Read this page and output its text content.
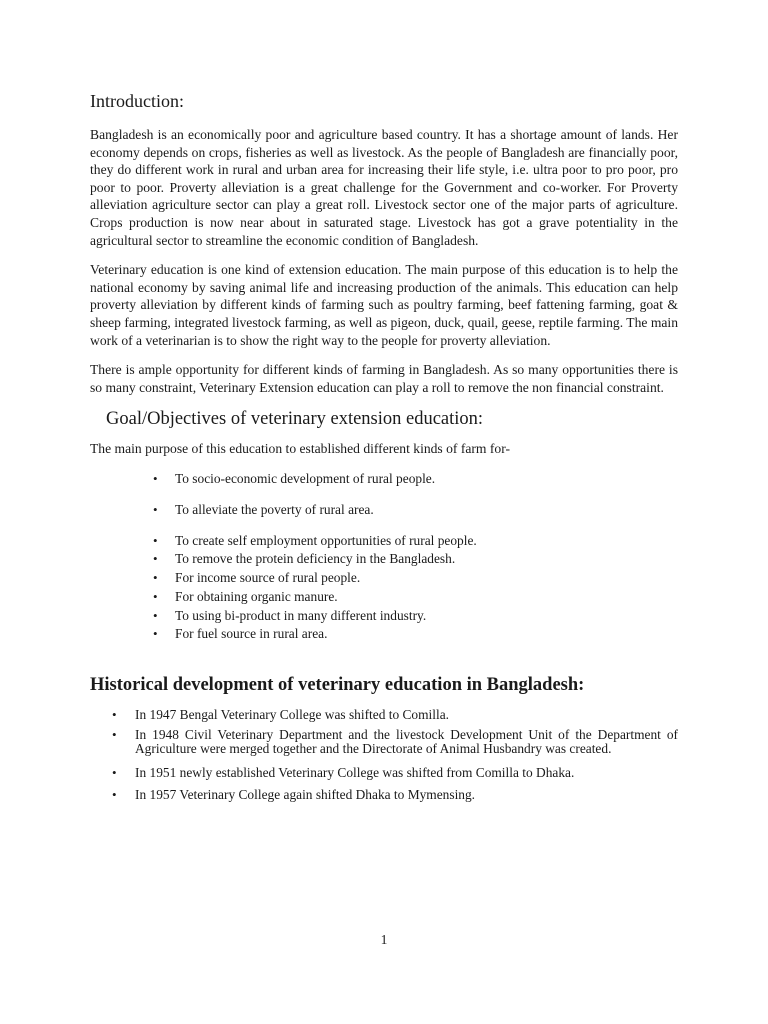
Introduction:

Bangladesh is an economically poor and agriculture based country. It has a shortage amount of lands. Her economy depends on crops, fisheries as well as livestock. As the people of Bangladesh are financially poor, they do different work in rural and urban area for increasing their life style, i.e. ultra poor to pro poor, pro poor to poor. Proverty alleviation is a great challenge for the Government and co-worker. For Proverty alleviation agriculture sector can play a great roll. Livestock sector one of the major parts of agriculture. Crops production is now near about in saturated stage. Livestock has got a grave potentiality in the agricultural sector to streamline the economic condition of Bangladesh.

Veterinary education is one kind of extension education. The main purpose of this education is to help the national economy by saving animal life and increasing production of the animals. This education can help proverty alleviation by different kinds of farming such as poultry farming, beef fattening farming, goat & sheep farming, integrated livestock farming, as well as pigeon, duck, quail, geese, reptile farming. The main work of a veterinarian is to show the right way to the people for proverty alleviation.

There is ample opportunity for different kinds of farming in Bangladesh. As so many opportunities there is so many constraint, Veterinary Extension education can play a roll to remove the non financial constraint.

Goal/Objectives of veterinary extension education:

The main purpose of this education to established different kinds of farm for-

• To socio-economic development of rural people.
• To alleviate the poverty of rural area.
• To create self employment opportunities of rural people.
• To remove the protein deficiency in the Bangladesh.
• For income source of rural people.
• For obtaining organic manure.
• To using bi-product in many different industry.
• For fuel source in rural area.
Historical development of veterinary education in Bangladesh:
• In 1947 Bengal Veterinary College was shifted to Comilla.
• In 1948 Civil Veterinary Department and the livestock Development Unit of the Department of Agriculture were merged together and the Directorate of Animal Husbandry was created.
• In 1951 newly established Veterinary College was shifted from Comilla to Dhaka.
• In 1957 Veterinary College again shifted Dhaka to Mymensing.
1
